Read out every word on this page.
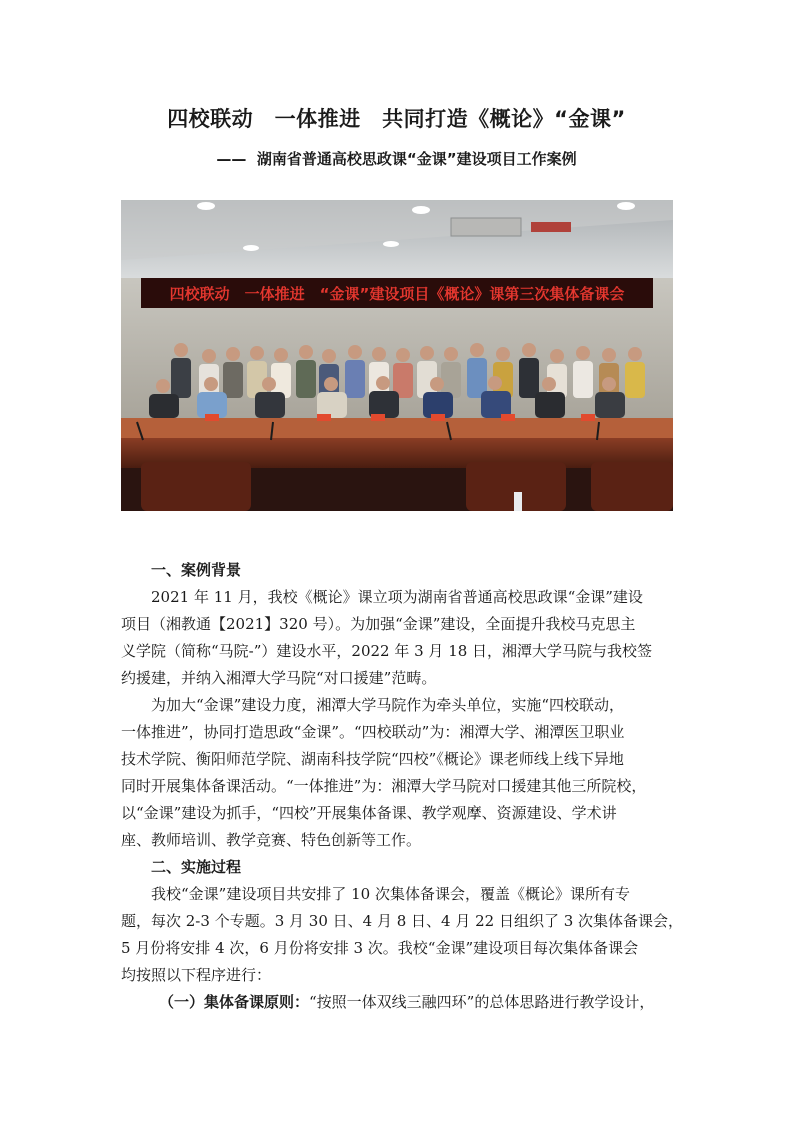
四校联动　一体推进　共同打造《概论》“金课”
——  湖南省普通高校思政课“金课”建设项目工作案例
四校联动　一体推进　“金课”建设项目《概论》课第三次集体备课会
一、案例背景
2021 年 11 月，我校《概论》课立项为湖南省普通高校思政课“金课”建设
项目（湘教通【2021】320 号）。为加强“金课”建设，全面提升我校马克思主
义学院（简称“马院-”）建设水平，2022 年 3 月 18 日，湘潭大学马院与我校签
约援建，并纳入湘潭大学马院“对口援建”范畴。
为加大“金课”建设力度，湘潭大学马院作为牵头单位，实施“四校联动，
一体推进”，协同打造思政“金课”。“四校联动”为：湘潭大学、湘潭医卫职业
技术学院、衡阳师范学院、湖南科技学院“四校”《概论》课老师线上线下异地
同时开展集体备课活动。“一体推进”为：湘潭大学马院对口援建其他三所院校，
以“金课”建设为抓手，“四校”开展集体备课、教学观摩、资源建设、学术讲
座、教师培训、教学竞赛、特色创新等工作。
二、实施过程
我校“金课”建设项目共安排了 10 次集体备课会，覆盖《概论》课所有专
题，每次 2-3 个专题。3 月 30 日、4 月 8 日、4 月 22 日组织了 3 次集体备课会，
5 月份将安排 4 次，6 月份将安排 3 次。我校“金课”建设项目每次集体备课会
均按照以下程序进行：
（一）集体备课原则：“按照一体双线三融四环”的总体思路进行教学设计，
